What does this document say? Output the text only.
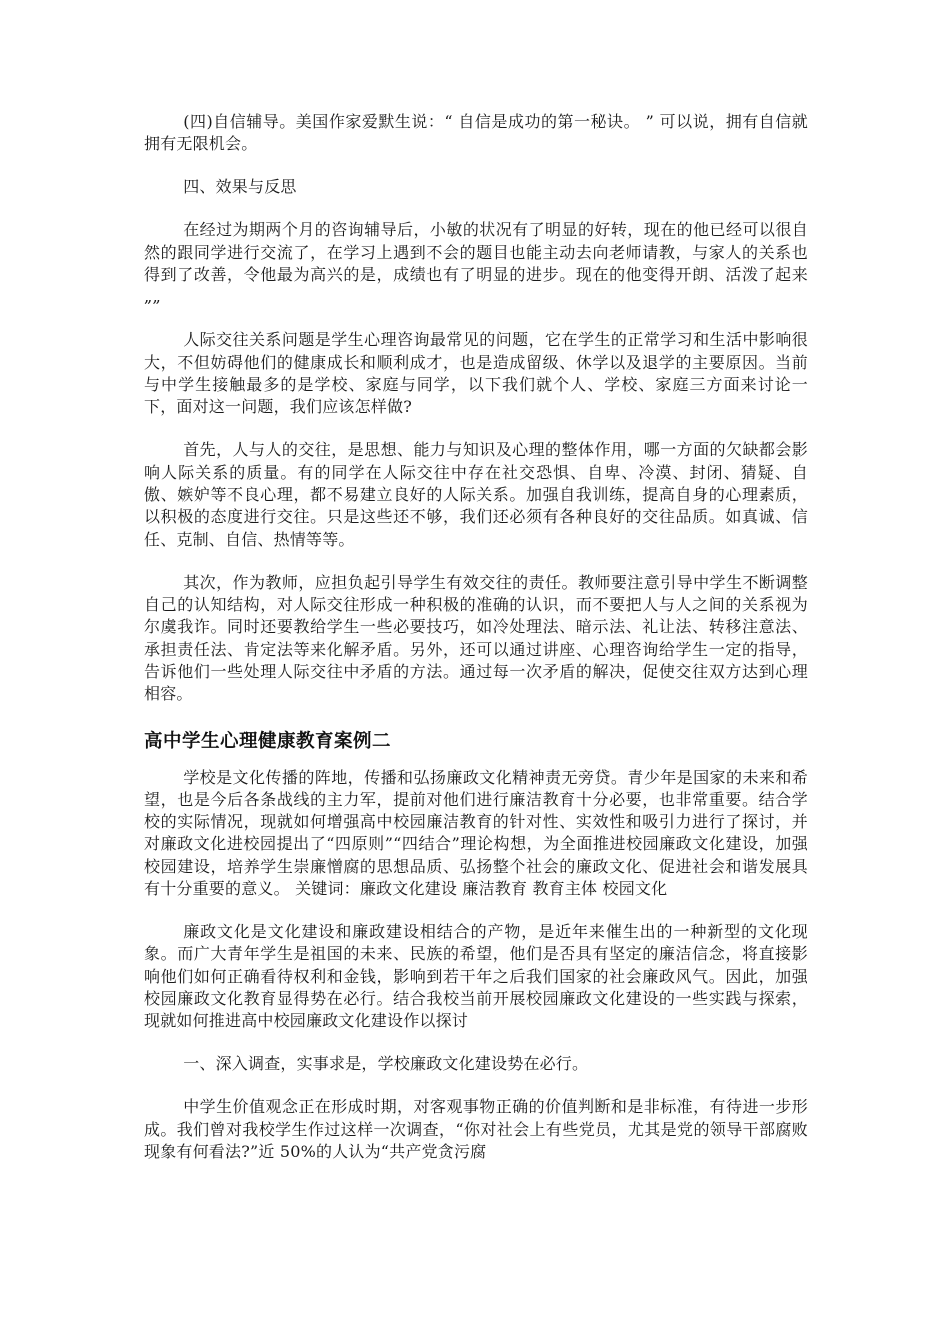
(四)自信辅导。美国作家爱默生说：“ 自信是成功的第一秘诀。 ” 可以说，拥有自信就拥有无限机会。

四、效果与反思

在经过为期两个月的咨询辅导后，小敏的状况有了明显的好转，现在的他已经可以很自然的跟同学进行交流了，在学习上遇到不会的题目也能主动去向老师请教，与家人的关系也得到了改善，令他最为高兴的是，成绩也有了明显的进步。现在的他变得开朗、活泼了起来 „„

人际交往关系问题是学生心理咨询最常见的问题，它在学生的正常学习和生活中影响很大，不但妨碍他们的健康成长和顺利成才，也是造成留级、休学以及退学的主要原因。当前与中学生接触最多的是学校、家庭与同学，以下我们就个人、学校、家庭三方面来讨论一下，面对这一问题，我们应该怎样做?

首先，人与人的交往，是思想、能力与知识及心理的整体作用，哪一方面的欠缺都会影响人际关系的质量。有的同学在人际交往中存在社交恐惧、自卑、冷漠、封闭、猜疑、自傲、嫉妒等不良心理，都不易建立良好的人际关系。加强自我训练，提高自身的心理素质，以积极的态度进行交往。只是这些还不够，我们还必须有各种良好的交往品质。如真诚、信任、克制、自信、热情等等。

其次，作为教师，应担负起引导学生有效交往的责任。教师要注意引导中学生不断调整自己的认知结构，对人际交往形成一种积极的准确的认识，而不要把人与人之间的关系视为尔虞我诈。同时还要教给学生一些必要技巧，如冷处理法、暗示法、礼让法、转移注意法、承担责任法、肯定法等来化解矛盾。另外，还可以通过讲座、心理咨询给学生一定的指导，告诉他们一些处理人际交往中矛盾的方法。通过每一次矛盾的解决，促使交往双方达到心理相容。

高中学生心理健康教育案例二

学校是文化传播的阵地，传播和弘扬廉政文化精神责无旁贷。青少年是国家的未来和希望，也是今后各条战线的主力军，提前对他们进行廉洁教育十分必要，也非常重要。结合学校的实际情况，现就如何增强高中校园廉洁教育的针对性、实效性和吸引力进行了探讨，并对廉政文化进校园提出了“四原则”“四结合”理论构想，为全面推进校园廉政文化建设，加强校园建设，培养学生崇廉憎腐的思想品质、弘扬整个社会的廉政文化、促进社会和谐发展具有十分重要的意义。 关键词：廉政文化建设 廉洁教育 教育主体 校园文化

廉政文化是文化建设和廉政建设相结合的产物，是近年来催生出的一种新型的文化现象。而广大青年学生是祖国的未来、民族的希望，他们是否具有坚定的廉洁信念，将直接影响他们如何正确看待权利和金钱，影响到若干年之后我们国家的社会廉政风气。因此，加强校园廉政文化教育显得势在必行。结合我校当前开展校园廉政文化建设的一些实践与探索，现就如何推进高中校园廉政文化建设作以探讨

一、深入调查，实事求是，学校廉政文化建设势在必行。

中学生价值观念正在形成时期，对客观事物正确的价值判断和是非标准，有待进一步形成。我们曾对我校学生作过这样一次调查，“你对社会上有些党员，尤其是党的领导干部腐败现象有何看法?”近 50%的人认为“共产党贪污腐
